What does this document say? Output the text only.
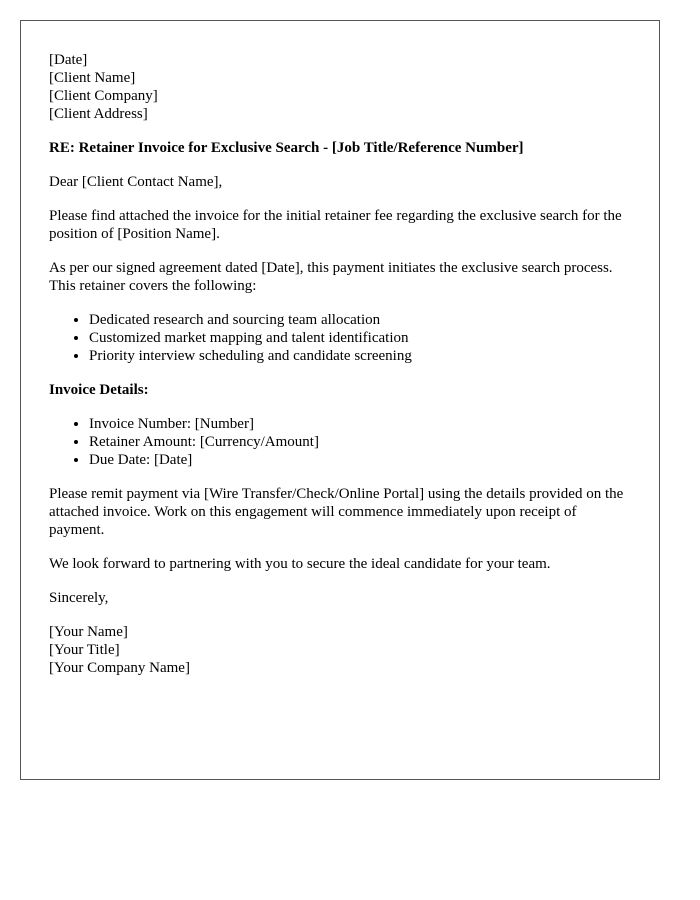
[Date]
[Client Name]
[Client Company]
[Client Address]
RE: Retainer Invoice for Exclusive Search - [Job Title/Reference Number]
Dear [Client Contact Name],
Please find attached the invoice for the initial retainer fee regarding the exclusive search for the position of [Position Name].
As per our signed agreement dated [Date], this payment initiates the exclusive search process. This retainer covers the following:
• Dedicated research and sourcing team allocation
• Customized market mapping and talent identification
• Priority interview scheduling and candidate screening
Invoice Details:
• Invoice Number: [Number]
• Retainer Amount: [Currency/Amount]
• Due Date: [Date]
Please remit payment via [Wire Transfer/Check/Online Portal] using the details provided on the attached invoice. Work on this engagement will commence immediately upon receipt of payment.
We look forward to partnering with you to secure the ideal candidate for your team.
Sincerely,
[Your Name]
[Your Title]
[Your Company Name]
